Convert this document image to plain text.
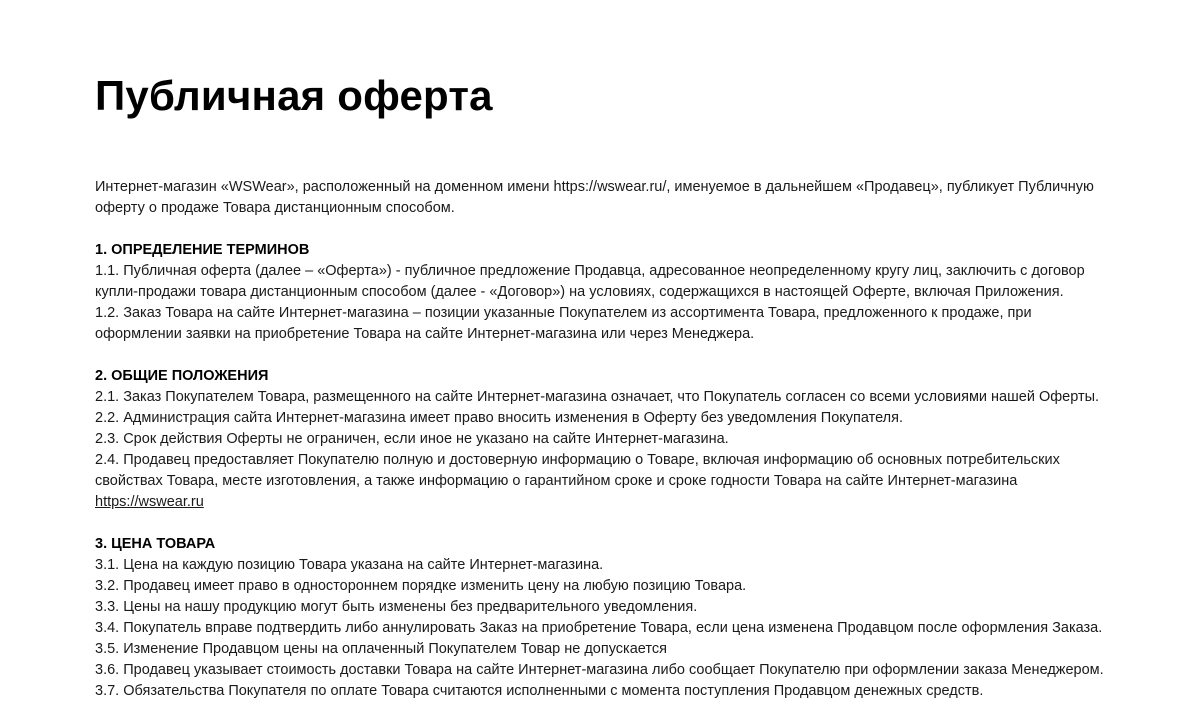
Публичная оферта

Интернет-магазин «WSWear», расположенный на доменном имени https://wswear.ru/, именуемое в дальнейшем «Продавец», публикует Публичную оферту о продаже Товара дистанционным способом.

1. ОПРЕДЕЛЕНИЕ ТЕРМИНОВ

1.1. Публичная оферта (далее – «Оферта») - публичное предложение Продавца, адресованное неопределенному кругу лиц, заключить с договор купли-продажи товара дистанционным способом (далее - «Договор») на условиях, содержащихся в настоящей Оферте, включая Приложения.

1.2. Заказ Товара на сайте Интернет-магазина – позиции указанные Покупателем из ассортимента Товара, предложенного к продаже, при оформлении заявки на приобретение Товара на сайте Интернет-магазина или через Менеджера.

2. ОБЩИЕ ПОЛОЖЕНИЯ

2.1. Заказ Покупателем Товара, размещенного на сайте Интернет-магазина означает, что Покупатель согласен со всеми условиями нашей Оферты.

2.2. Администрация сайта Интернет-магазина имеет право вносить изменения в Оферту без уведомления Покупателя.

2.3. Срок действия Оферты не ограничен, если иное не указано на сайте Интернет-магазина.

2.4. Продавец предоставляет Покупателю полную и достоверную информацию о Товаре, включая информацию об основных потребительских свойствах Товара, месте изготовления, а также информацию о гарантийном сроке и сроке годности Товара на сайте Интернет-магазина https://wswear.ru

3. ЦЕНА ТОВАРА

3.1. Цена на каждую позицию Товара указана на сайте Интернет-магазина.

3.2. Продавец имеет право в одностороннем порядке изменить цену на любую позицию Товара.

3.3. Цены на нашу продукцию могут быть изменены без предварительного уведомления.

3.4. Покупатель вправе подтвердить либо аннулировать Заказ на приобретение Товара, если цена изменена Продавцом после оформления Заказа.

3.5. Изменение Продавцом цены на оплаченный Покупателем Товар не допускается

3.6. Продавец указывает стоимость доставки Товара на сайте Интернет-магазина либо сообщает Покупателю при оформлении заказа Менеджером.

3.7. Обязательства Покупателя по оплате Товара считаются исполненными с момента поступления Продавцом денежных средств.
